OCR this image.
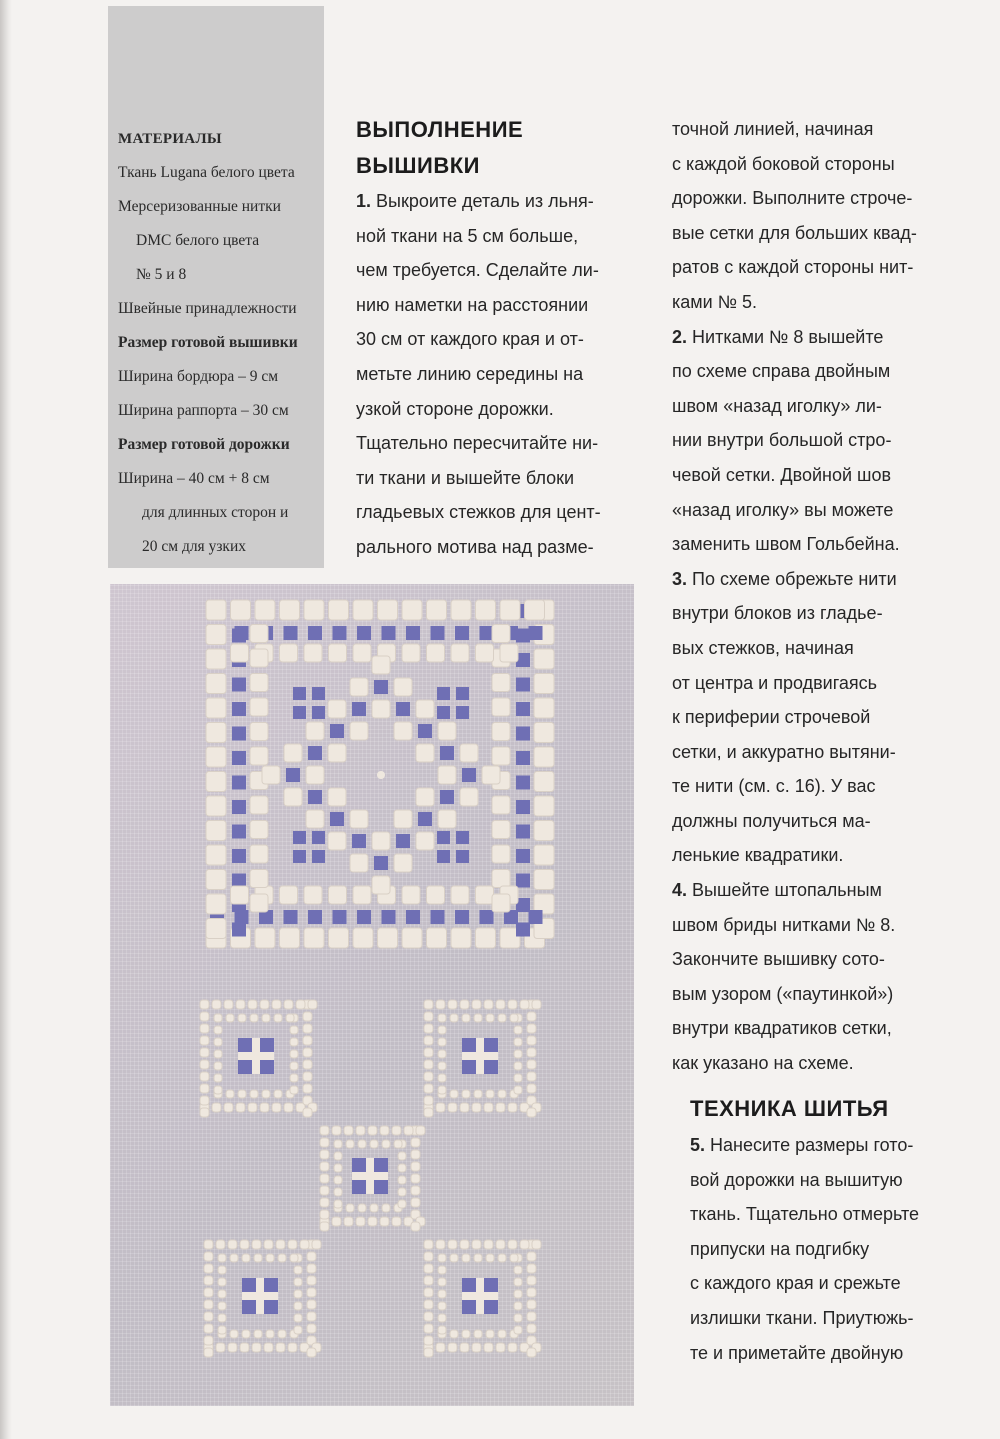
МАТЕРИАЛЫ
Ткань Lugana белого цвета
Мерсеризованные нитки
DMC белого цвета
№ 5 и 8
Швейные принадлежности
Размер готовой вышивки
Ширина бордюра – 9 см
Ширина раппорта – 30 см
Размер готовой дорожки
Ширина – 40 см + 8 см
для длинных сторон и
20 см для узких
ВЫПОЛНЕНИЕ
ВЫШИВКИ
1. Выкроите деталь из льня-
ной ткани на 5 см больше,
чем требуется. Сделайте ли-
нию наметки на расстоянии
30 см от каждого края и от-
метьте линию середины на
узкой стороне дорожки.
Тщательно пересчитайте ни-
ти ткани и вышейте блоки
гладьевых стежков для цент-
рального мотива над разме-
точной линией, начиная
с каждой боковой стороны
дорожки. Выполните строче-
вые сетки для больших квад-
ратов с каждой стороны нит-
ками № 5.
2. Нитками № 8 вышейте
по схеме справа двойным
швом «назад иголку» ли-
нии внутри большой стро-
чевой сетки. Двойной шов
«назад иголку» вы можете
заменить швом Гольбейна.
3. По схеме обрежьте нити
внутри блоков из гладье-
вых стежков, начиная
от центра и продвигаясь
к периферии строчевой
сетки, и аккуратно вытяни-
те нити (см. с. 16). У вас
должны получиться ма-
ленькие квадратики.
4. Вышейте штопальным
швом бриды нитками № 8.
Закончите вышивку сото-
вым узором («паутинкой»)
внутри квадратиков сетки,
как указано на схеме.
ТЕХНИКА ШИТЬЯ
5. Нанесите размеры гото-
вой дорожки на вышитую
ткань. Тщательно отмерьте
припуски на подгибку
с каждого края и срежьте
излишки ткани. Приутюжь-
те и приметайте двойную
